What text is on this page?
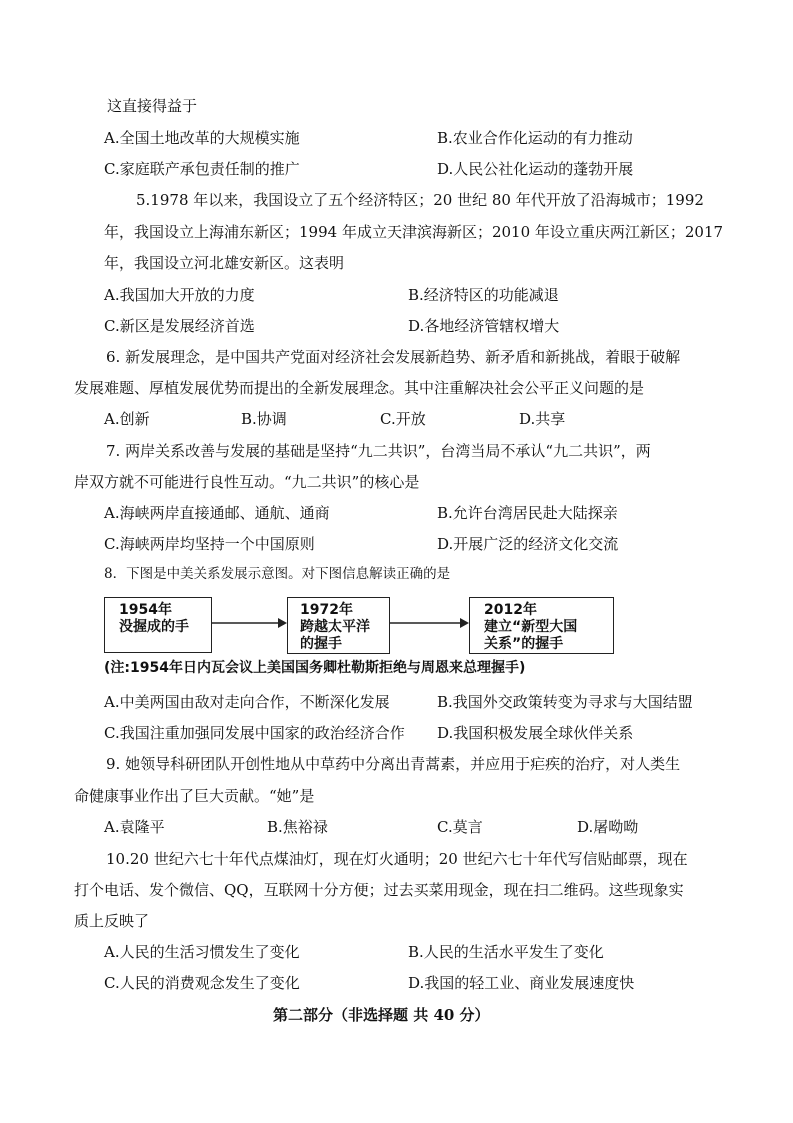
这直接得益于
A.全国土地改革的大规模实施	B.农业合作化运动的有力推动
C.家庭联产承包责任制的推广	D.人民公社化运动的蓬勃开展
5.1978 年以来，我国设立了五个经济特区；20 世纪 80 年代开放了沿海城市；1992
年，我国设立上海浦东新区；1994 年成立天津滨海新区；2010 年设立重庆两江新区；2017
年，我国设立河北雄安新区。这表明
A.我国加大开放的力度	B.经济特区的功能减退
C.新区是发展经济首选	D.各地经济管辖权增大
6. 新发展理念，是中国共产党面对经济社会发展新趋势、新矛盾和新挑战，着眼于破解
发展难题、厚植发展优势而提出的全新发展理念。其中注重解决社会公平正义问题的是
A.创新	B.协调	C.开放	D.共享
7. 两岸关系改善与发展的基础是坚持“九二共识”，台湾当局不承认“九二共识”，两
岸双方就不可能进行良性互动。“九二共识”的核心是
A.海峡两岸直接通邮、通航、通商	B.允许台湾居民赴大陆探亲
C.海峡两岸均坚持一个中国原则	D.开展广泛的经济文化交流
8．下图是中美关系发展示意图。对下图信息解读正确的是
1954年
没握成的手
1972年
跨越太平洋
的握手
2012年
建立“新型大国
关系”的握手
(注:1954年日内瓦会议上美国国务卿杜勒斯拒绝与周恩来总理握手)
A.中美两国由敌对走向合作，不断深化发展	B.我国外交政策转变为寻求与大国结盟
C.我国注重加强同发展中国家的政治经济合作 D.我国积极发展全球伙伴关系
9. 她领导科研团队开创性地从中草药中分离出青蒿素，并应用于疟疾的治疗，对人类生
命健康事业作出了巨大贡献。“她”是
A.袁隆平	B.焦裕禄	C.莫言	D.屠呦呦
10.20 世纪六七十年代点煤油灯，现在灯火通明；20 世纪六七十年代写信贴邮票，现在
打个电话、发个微信、QQ，互联网十分方便；过去买菜用现金，现在扫二维码。这些现象实
质上反映了
A.人民的生活习惯发生了变化	B.人民的生活水平发生了变化
C.人民的消费观念发生了变化	D.我国的轻工业、商业发展速度快
第二部分（非选择题 共 40 分）
